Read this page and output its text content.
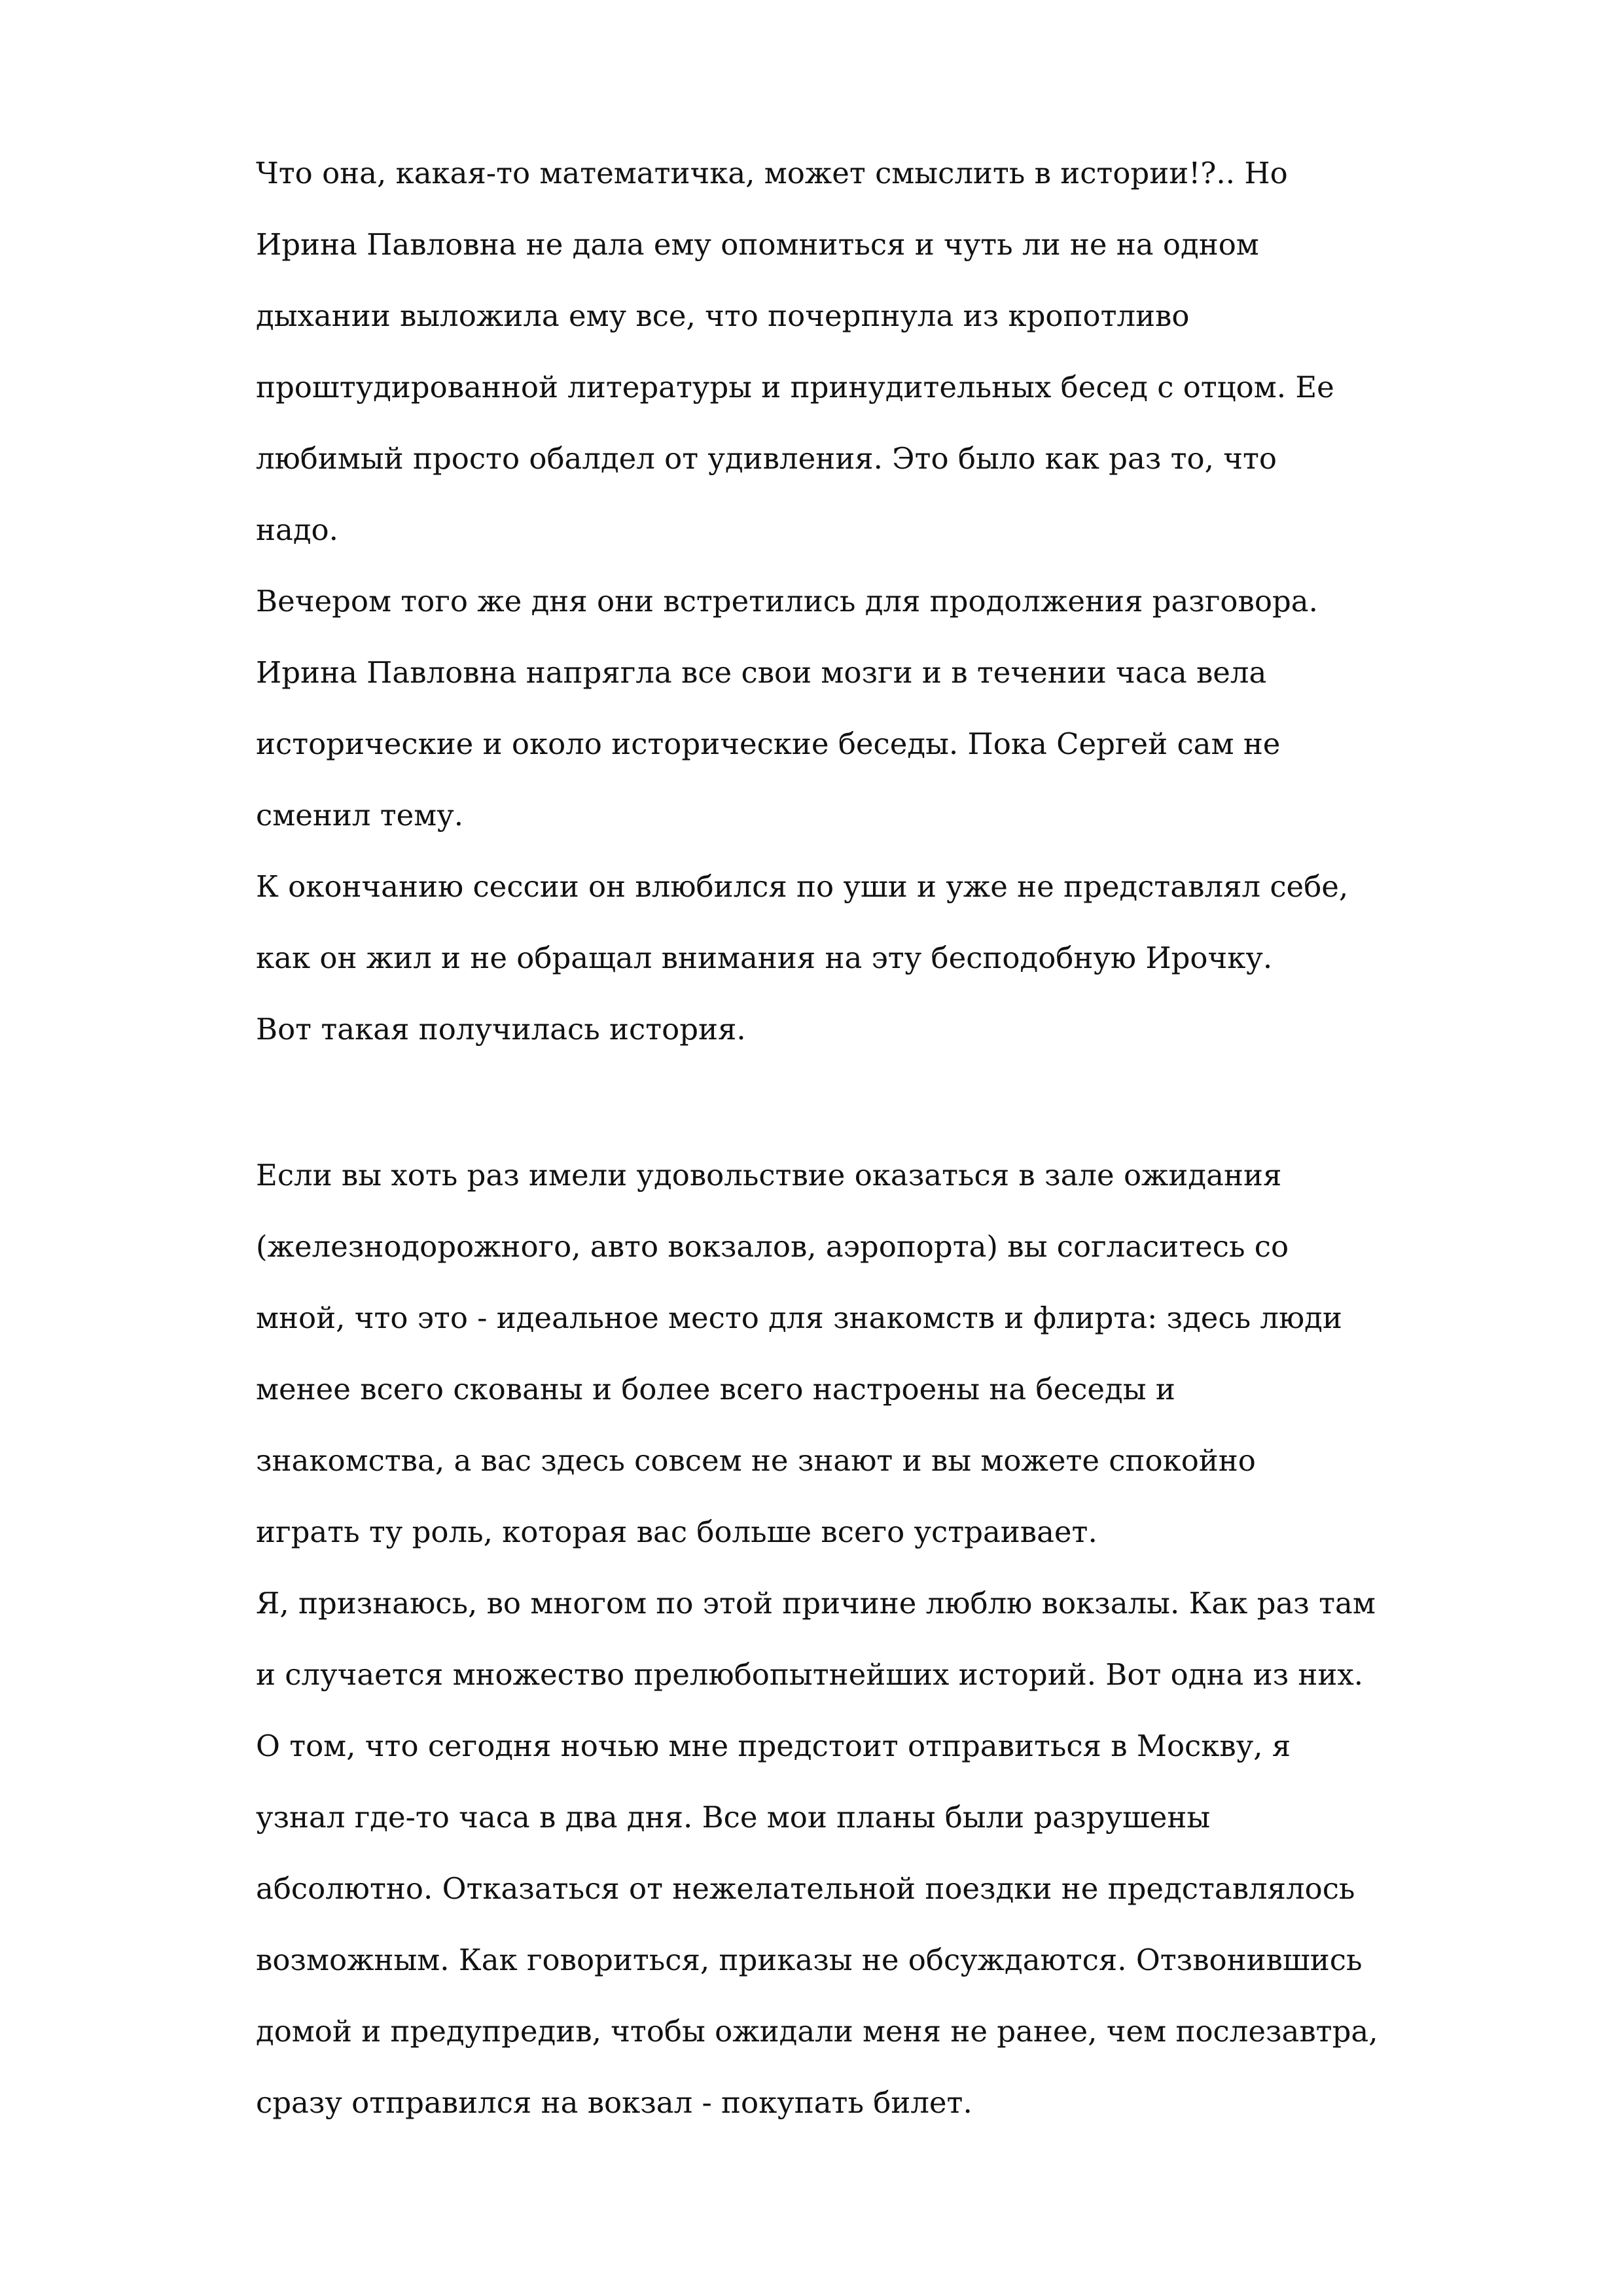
Что она, какая-то математичка, может смыслить в истории!?.. Но
Ирина Павловна не дала ему опомниться и чуть ли не на одном
дыхании выложила ему все, что почерпнула из кропотливо
проштудированной литературы и принудительных бесед с отцом. Ее
любимый просто обалдел от удивления. Это было как раз то, что
надо.
Вечером того же дня они встретились для продолжения разговора.
Ирина Павловна напрягла все свои мозги и в течении часа вела
исторические и около исторические беседы. Пока Сергей сам не
сменил тему.
К окончанию сессии он влюбился по уши и уже не представлял себе,
как он жил и не обращал внимания на эту бесподобную Ирочку.
Вот такая получилась история.
Если вы хоть раз имели удовольствие оказаться в зале ожидания
(железнодорожного, авто вокзалов, аэропорта) вы согласитесь со
мной, что это - идеальное место для знакомств и флирта: здесь люди
менее всего скованы и более всего настроены на беседы и
знакомства, а вас здесь совсем не знают и вы можете спокойно
играть ту роль, которая вас больше всего устраивает.
Я, признаюсь, во многом по этой причине люблю вокзалы. Как раз там
и случается множество прелюбопытнейших историй. Вот одна из них.
О том, что сегодня ночью мне предстоит отправиться в Москву, я
узнал где-то часа в два дня. Все мои планы были разрушены
абсолютно. Отказаться от нежелательной поездки не представлялось
возможным. Как говориться, приказы не обсуждаются. Отзвонившись
домой и предупредив, чтобы ожидали меня не ранее, чем послезавтра,
сразу отправился на вокзал - покупать билет.
